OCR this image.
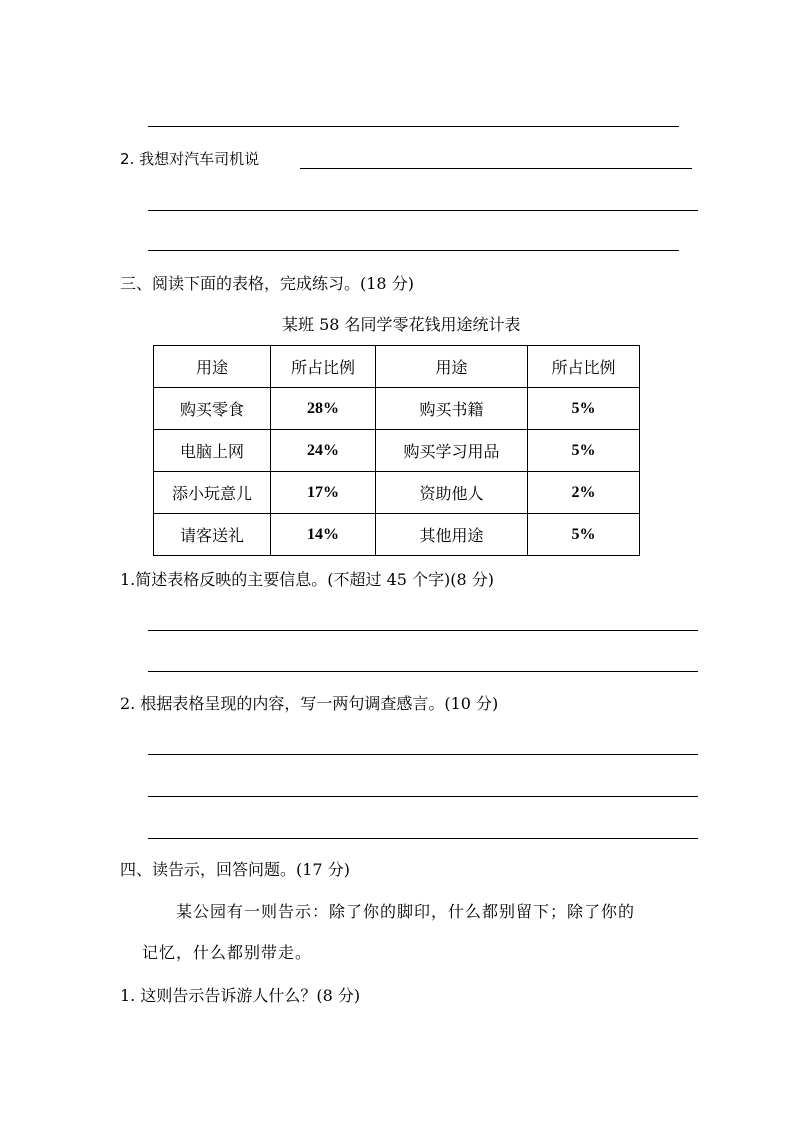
2. 我想对汽车司机说
三、阅读下面的表格，完成练习。(18 分)
某班 58 名同学零花钱用途统计表
用途	所占比例	用途	所占比例
购买零食	28%	购买书籍	5%
电脑上网	24%	购买学习用品	5%
添小玩意儿	17%	资助他人	2%
请客送礼	14%	其他用途	5%
1.简述表格反映的主要信息。(不超过 45 个字)(8 分)
2. 根据表格呈现的内容，写一两句调查感言。(10 分)
四、读告示，回答问题。(17 分)
某公园有一则告示：除了你的脚印，什么都别留下；除了你的
记忆，什么都别带走。
1. 这则告示告诉游人什么？(8 分)
